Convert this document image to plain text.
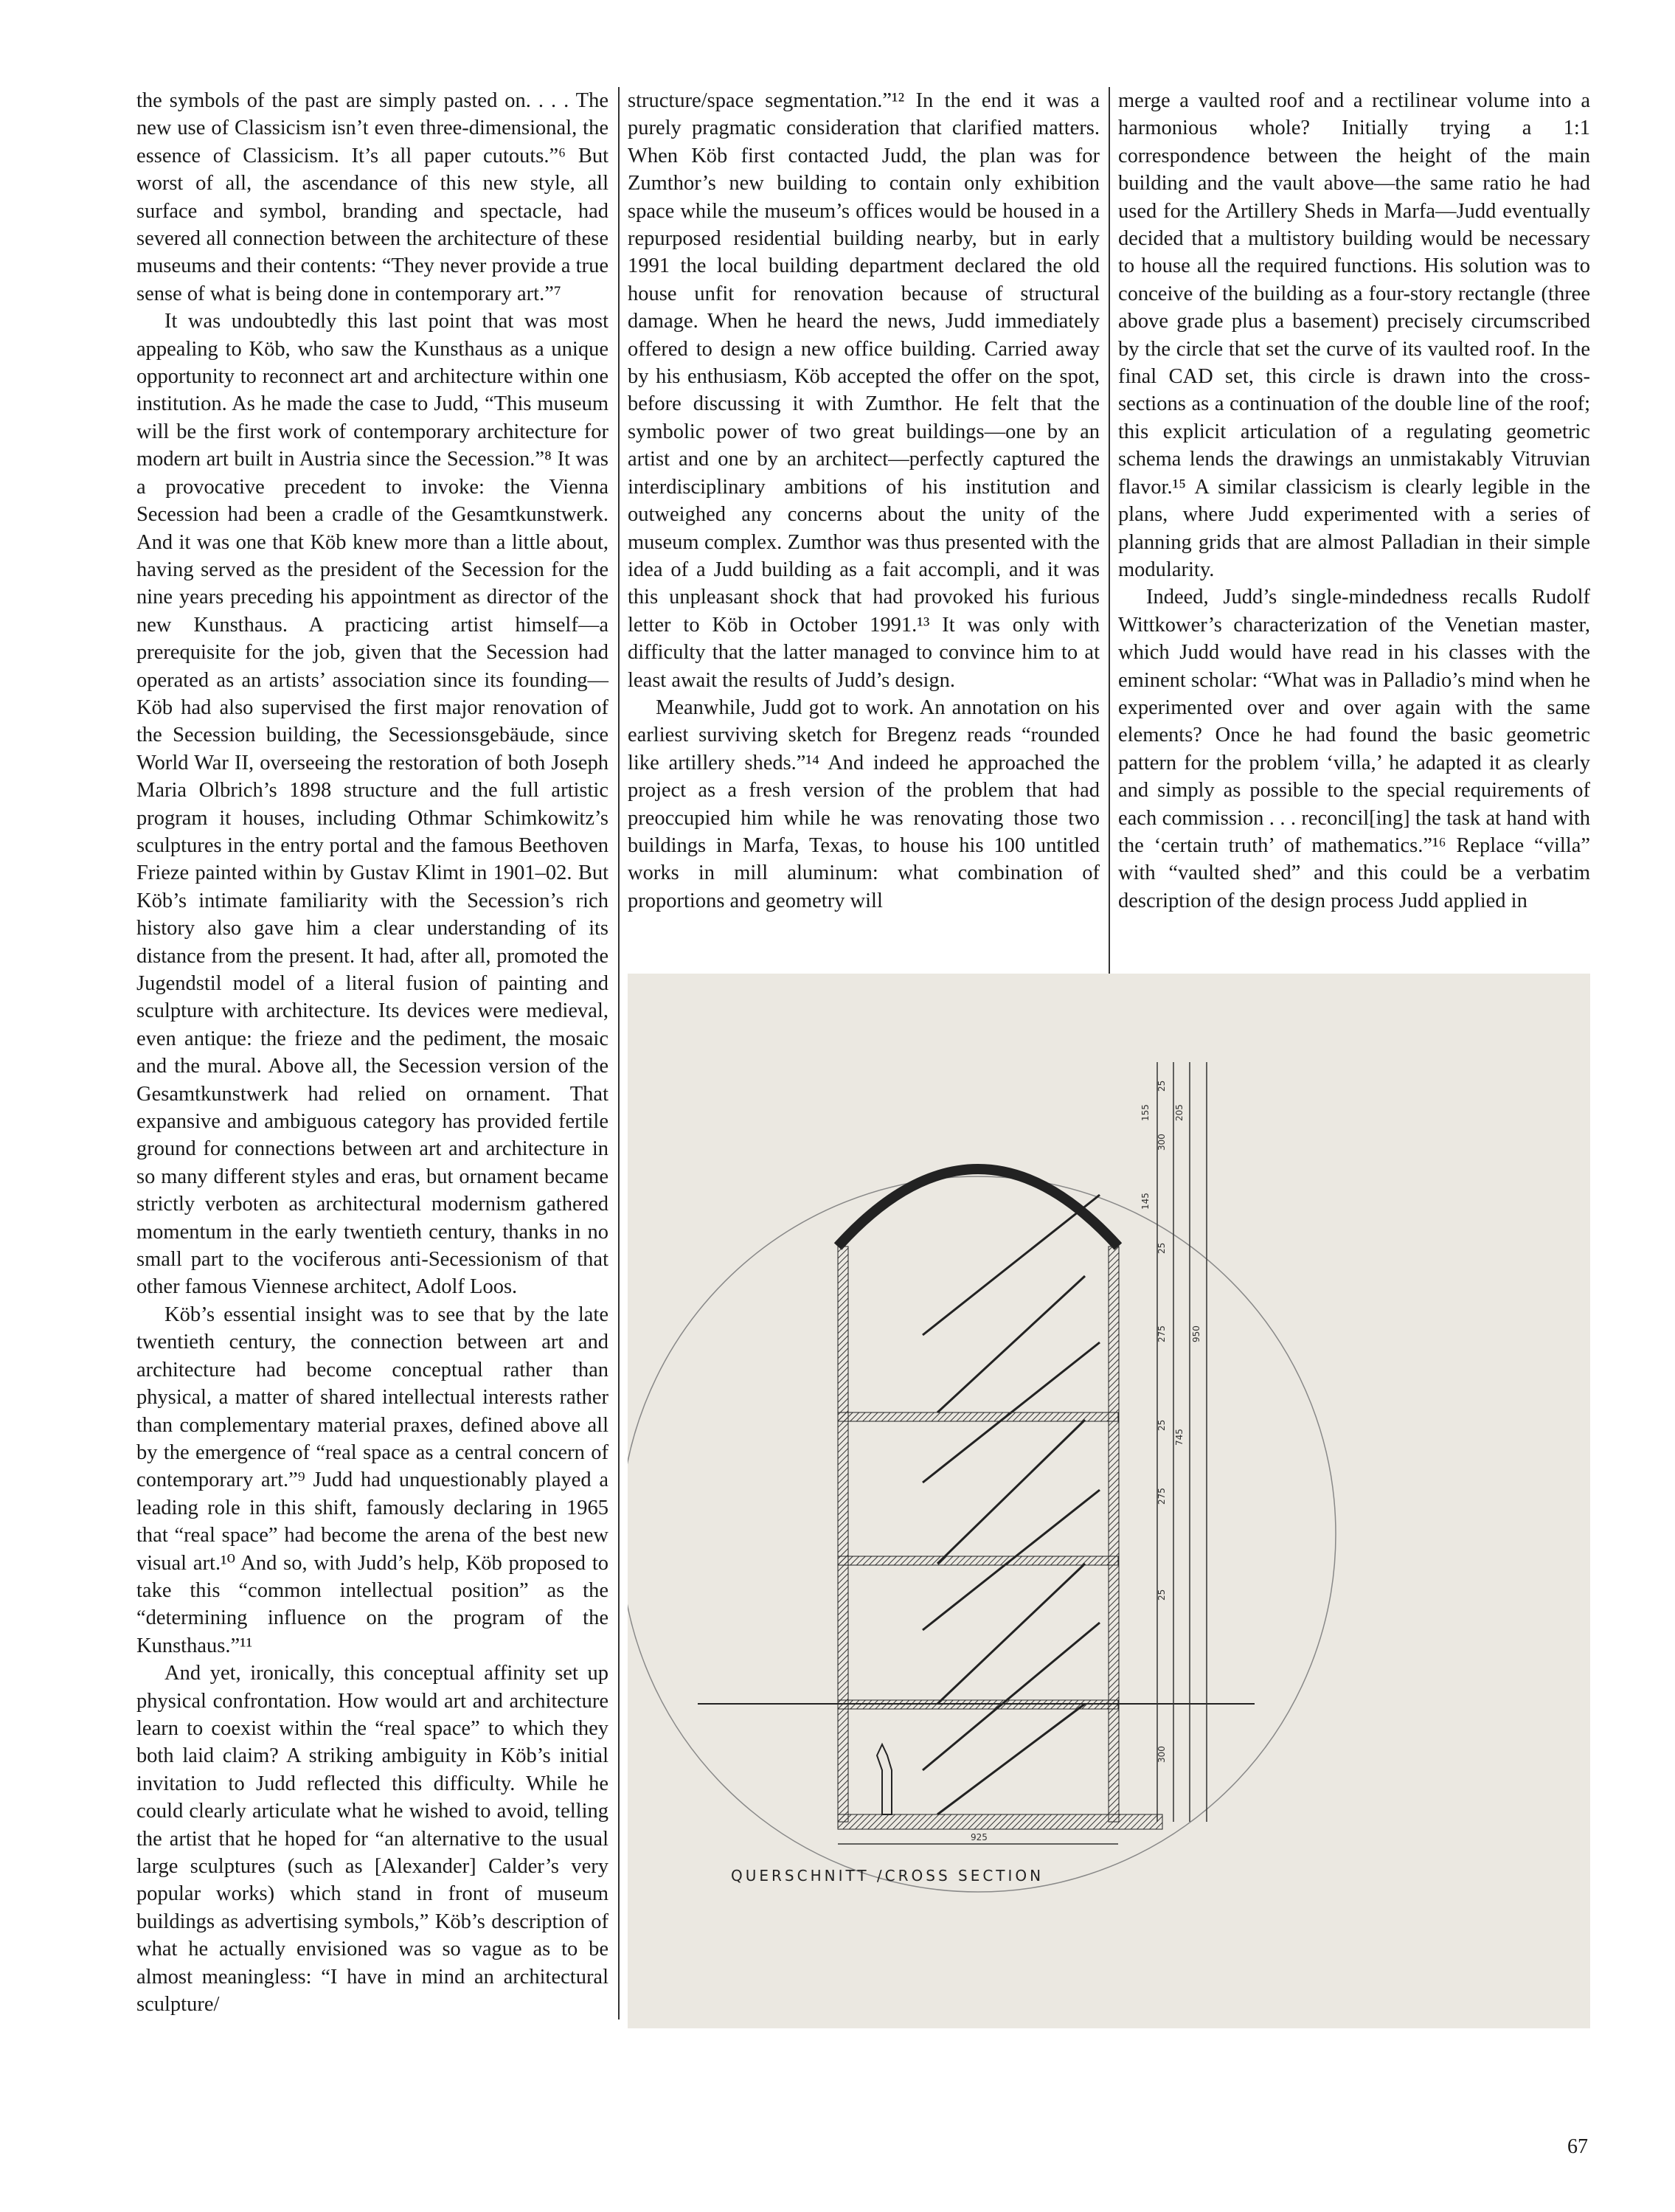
the symbols of the past are simply pasted on. . . . The new use of Classicism isn’t even three-dimensional, the essence of Classicism. It’s all paper cutouts.”⁶ But worst of all, the ascendance of this new style, all surface and symbol, branding and spectacle, had severed all connection between the architecture of these museums and their contents: “They never provide a true sense of what is being done in contemporary art.”⁷

It was undoubtedly this last point that was most appealing to Köb, who saw the Kunsthaus as a unique opportunity to reconnect art and architecture within one institution. As he made the case to Judd, “This museum will be the first work of contemporary architecture for modern art built in Austria since the Secession.”⁸ It was a provocative precedent to invoke: the Vienna Secession had been a cradle of the Gesamtkunstwerk. And it was one that Köb knew more than a little about, having served as the president of the Secession for the nine years preceding his appointment as director of the new Kunsthaus. A practicing artist himself—a prerequisite for the job, given that the Secession had operated as an artists’ association since its founding—Köb had also supervised the first major renovation of the Secession building, the Secessionsgebäude, since World War II, overseeing the restoration of both Joseph Maria Olbrich’s 1898 structure and the full artistic program it houses, including Othmar Schimkowitz’s sculptures in the entry portal and the famous Beethoven Frieze painted within by Gustav Klimt in 1901–02. But Köb’s intimate familiarity with the Secession’s rich history also gave him a clear understanding of its distance from the present. It had, after all, promoted the Jugendstil model of a literal fusion of painting and sculpture with architecture. Its devices were medieval, even antique: the frieze and the pediment, the mosaic and the mural. Above all, the Secession version of the Gesamtkunstwerk had relied on ornament. That expansive and ambiguous category has provided fertile ground for connections between art and architecture in so many different styles and eras, but ornament became strictly verboten as architectural modernism gathered momentum in the early twentieth century, thanks in no small part to the vociferous anti-Secessionism of that other famous Viennese architect, Adolf Loos.

Köb’s essential insight was to see that by the late twentieth century, the connection between art and architecture had become conceptual rather than physical, a matter of shared intellectual interests rather than complementary material praxes, defined above all by the emergence of “real space as a central concern of contemporary art.”⁹ Judd had unquestionably played a leading role in this shift, famously declaring in 1965 that “real space” had become the arena of the best new visual art.¹⁰ And so, with Judd’s help, Köb proposed to take this “common intellectual position” as the “determining influence on the program of the Kunsthaus.”¹¹

And yet, ironically, this conceptual affinity set up physical confrontation. How would art and architecture learn to coexist within the “real space” to which they both laid claim? A striking ambiguity in Köb’s initial invitation to Judd reflected this difficulty. While he could clearly articulate what he wished to avoid, telling the artist that he hoped for “an alternative to the usual large sculptures (such as [Alexander] Calder’s very popular works) which stand in front of museum buildings as advertising symbols,” Köb’s description of what he actually envisioned was so vague as to be almost meaningless: “I have in mind an architectural sculpture/

structure/space segmentation.”¹² In the end it was a purely pragmatic consideration that clarified matters. When Köb first contacted Judd, the plan was for Zumthor’s new building to contain only exhibition space while the museum’s offices would be housed in a repurposed residential building nearby, but in early 1991 the local building department declared the old house unfit for renovation because of structural damage. When he heard the news, Judd immediately offered to design a new office building. Carried away by his enthusiasm, Köb accepted the offer on the spot, before discussing it with Zumthor. He felt that the symbolic power of two great buildings—one by an artist and one by an architect—perfectly captured the interdisciplinary ambitions of his institution and outweighed any concerns about the unity of the museum complex. Zumthor was thus presented with the idea of a Judd building as a fait accompli, and it was this unpleasant shock that had provoked his furious letter to Köb in October 1991.¹³ It was only with difficulty that the latter managed to convince him to at least await the results of Judd’s design.

Meanwhile, Judd got to work. An annotation on his earliest surviving sketch for Bregenz reads “rounded like artillery sheds.”¹⁴ And indeed he approached the project as a fresh version of the problem that had preoccupied him while he was renovating those two buildings in Marfa, Texas, to house his 100 untitled works in mill aluminum: what combination of proportions and geometry will

merge a vaulted roof and a rectilinear volume into a harmonious whole? Initially trying a 1:1 correspondence between the height of the main building and the vault above—the same ratio he had used for the Artillery Sheds in Marfa—Judd eventually decided that a multistory building would be necessary to house all the required functions. His solution was to conceive of the building as a four-story rectangle (three above grade plus a basement) precisely circumscribed by the circle that set the curve of its vaulted roof. In the final CAD set, this circle is drawn into the cross-sections as a continuation of the double line of the roof; this explicit articulation of a regulating geometric schema lends the drawings an unmistakably Vitruvian flavor.¹⁵ A similar classicism is clearly legible in the plans, where Judd experimented with a series of planning grids that are almost Palladian in their simple modularity.

Indeed, Judd’s single-mindedness recalls Rudolf Wittkower’s characterization of the Venetian master, which Judd would have read in his classes with the eminent scholar: “What was in Palladio’s mind when he experimented over and over again with the same elements? Once he had found the basic geometric pattern for the problem ‘villa,’ he adapted it as clearly and simply as possible to the special requirements of each commission . . . reconcil[ing] the task at hand with the ‘certain truth’ of mathematics.”¹⁶ Replace “villa” with “vaulted shed” and this could be a verbatim description of the design process Judd applied in

155
145
25
300
25
275
25
275
25
300
205
745
950
925
QUERSCHNITT /CROSS SECTION
67
